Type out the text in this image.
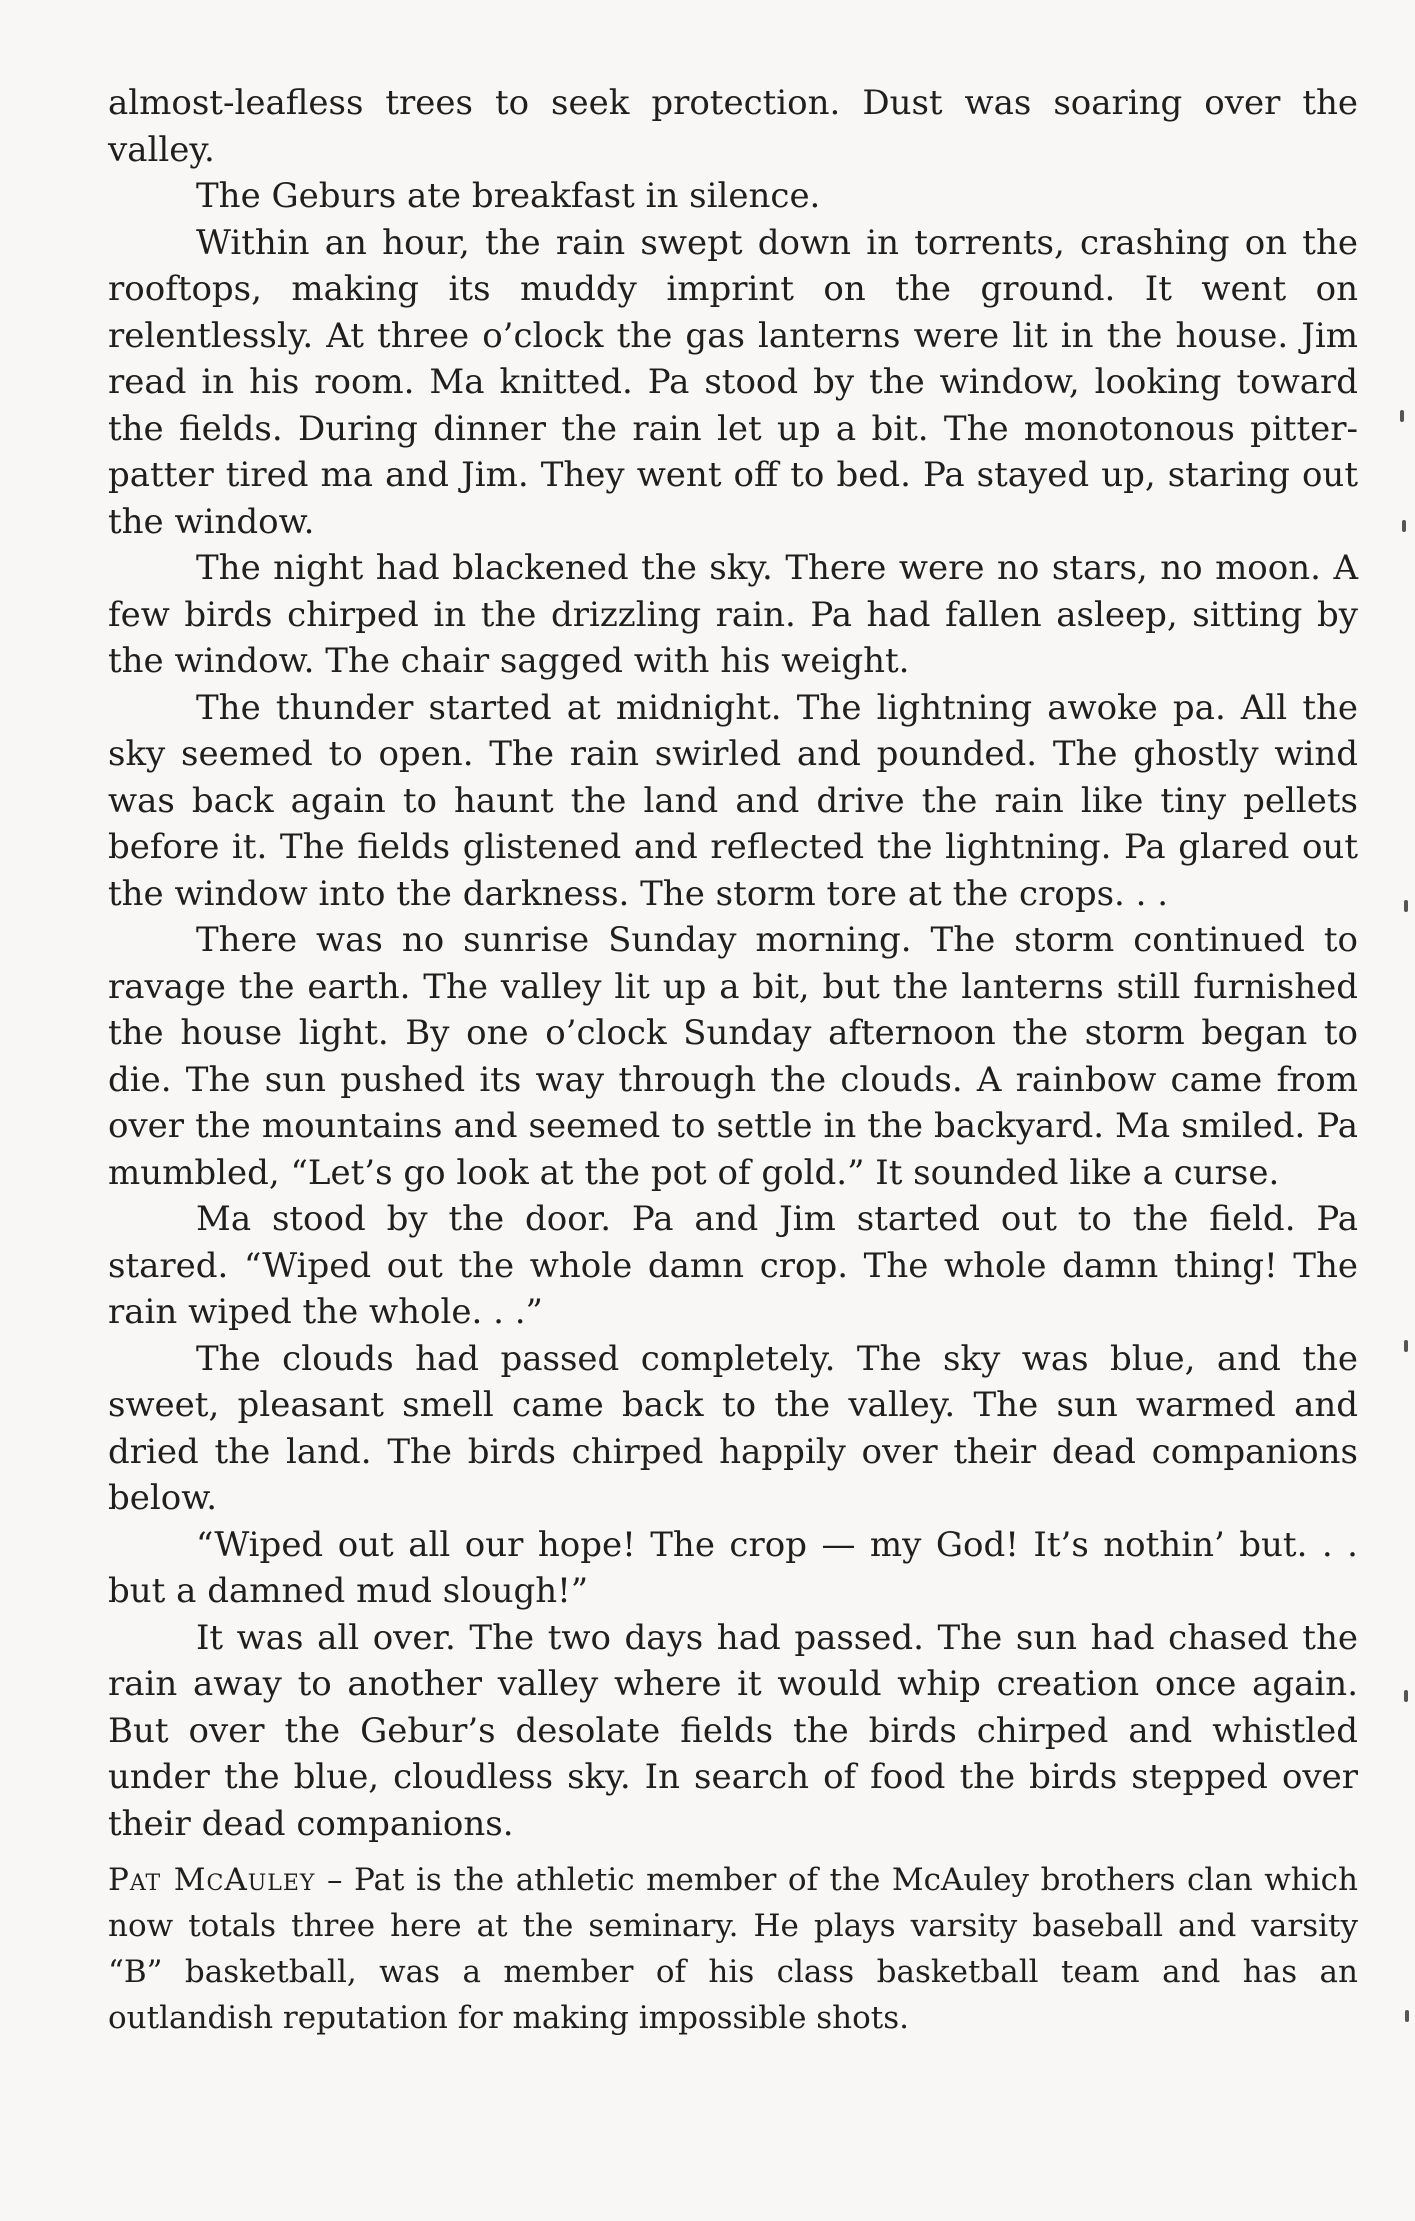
almost-leafless trees to seek protection. Dust was soaring over the valley.

The Geburs ate breakfast in silence.

Within an hour, the rain swept down in torrents, crashing on the rooftops, making its muddy imprint on the ground. It went on relentlessly. At three o’clock the gas lanterns were lit in the house. Jim read in his room. Ma knitted. Pa stood by the window, looking toward the fields. During dinner the rain let up a bit. The monotonous pitter-patter tired ma and Jim. They went off to bed. Pa stayed up, staring out the window.

The night had blackened the sky. There were no stars, no moon. A few birds chirped in the drizzling rain. Pa had fallen asleep, sitting by the window. The chair sagged with his weight.

The thunder started at midnight. The lightning awoke pa. All the sky seemed to open. The rain swirled and pounded. The ghostly wind was back again to haunt the land and drive the rain like tiny pellets before it. The fields glistened and reflected the lightning. Pa glared out the window into the darkness. The storm tore at the crops. . .

There was no sunrise Sunday morning. The storm continued to ravage the earth. The valley lit up a bit, but the lanterns still furnished the house light. By one o’clock Sunday afternoon the storm began to die. The sun pushed its way through the clouds. A rainbow came from over the mountains and seemed to settle in the backyard. Ma smiled. Pa mumbled, “Let’s go look at the pot of gold.” It sounded like a curse.

Ma stood by the door. Pa and Jim started out to the field. Pa stared. “Wiped out the whole damn crop. The whole damn thing! The rain wiped the whole. . .”

The clouds had passed completely. The sky was blue, and the sweet, pleasant smell came back to the valley. The sun warmed and dried the land. The birds chirped happily over their dead companions below.

“Wiped out all our hope! The crop — my God! It’s nothin’ but. . . but a damned mud slough!”

It was all over. The two days had passed. The sun had chased the rain away to another valley where it would whip creation once again. But over the Gebur’s desolate fields the birds chirped and whistled under the blue, cloudless sky. In search of food the birds stepped over their dead companions.

Pat McAuley – Pat is the athletic member of the McAuley brothers clan which now totals three here at the seminary. He plays varsity baseball and varsity “B” basketball, was a member of his class basketball team and has an outlandish reputation for making impossible shots.
